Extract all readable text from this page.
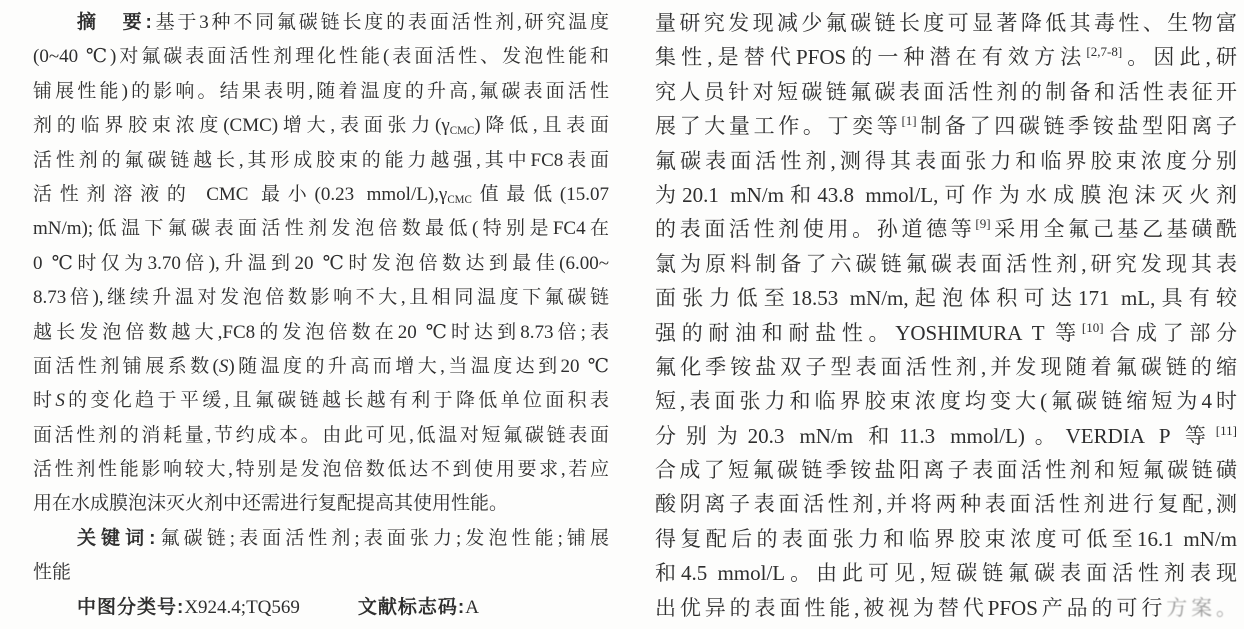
摘　要:基于3种不同氟碳链长度的表面活性剂,研究温度
(0~40 ℃)对氟碳表面活性剂理化性能(表面活性、发泡性能和
铺展性能)的影响。结果表明,随着温度的升高,氟碳表面活性
剂的临界胶束浓度(CMC)增大,表面张力$(\gamma_{CMC})$降低,且表面
活性剂的氟碳链越长,其形成胶束的能力越强,其中FC8表面
活性剂溶液的 CMC 最小(0.23 mmol/$L),\gamma_{CMC}$值最低(15.07
mN/m);低温下氟碳表面活性剂发泡倍数最低(特别是FC4在
0 ℃时仅为3.70倍),升温到20 ℃时发泡倍数达到最佳(6.00~
8.73倍),继续升温对发泡倍数影响不大,且相同温度下氟碳链
越长发泡倍数越大,FC8的发泡倍数在20 ℃时达到8.73倍;表
面活性剂铺展系数(S)随温度的升高而增大,当温度达到20 ℃
时S的变化趋于平缓,且氟碳链越长越有利于降低单位面积表
面活性剂的消耗量,节约成本。由此可见,低温对短氟碳链表面
活性剂性能影响较大,特别是发泡倍数低达不到使用要求,若应
用在水成膜泡沫灭火剂中还需进行复配提高其使用性能。
关键词:氟碳链;表面活性剂;表面张力;发泡性能;铺展
性能
中图分类号:X924.4;TQ569	文献标志码:A
量研究发现减少氟碳链长度可显著降低其毒性、生物富
集性,是替代PFOS的一种潜在有效方法[2,7-8]。因此,研
究人员针对短碳链氟碳表面活性剂的制备和活性表征开
展了大量工作。丁奕等[1]制备了四碳链季铵盐型阳离子
氟碳表面活性剂,测得其表面张力和临界胶束浓度分别
为20.1 mN/m和43.8 mmol/L,可作为水成膜泡沫灭火剂
的表面活性剂使用。孙道德等[9]采用全氟己基乙基磺酰
氯为原料制备了六碳链氟碳表面活性剂,研究发现其表
面张力低至18.53 mN/m,起泡体积可达171 mL,具有较
强的耐油和耐盐性。YOSHIMURA T 等[10]合成了部分
氟化季铵盐双子型表面活性剂,并发现随着氟碳链的缩
短,表面张力和临界胶束浓度均变大(氟碳链缩短为4时
分别为20.3 mN/m 和11.3 mmol/L)。VERDIA P 等[11]
合成了短氟碳链季铵盐阳离子表面活性剂和短氟碳链磺
酸阴离子表面活性剂,并将两种表面活性剂进行复配,测
得复配后的表面张力和临界胶束浓度可低至16.1 mN/m
和4.5 mmol/L。由此可见,短碳链氟碳表面活性剂表现
出优异的表面性能,被视为替代PFOS产品的可行方案。
